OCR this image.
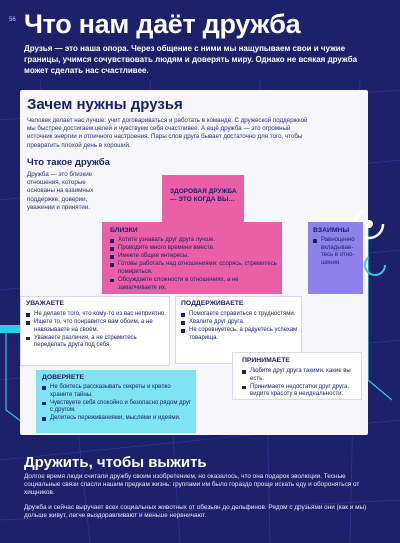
56 Что нам даёт дружба
Друзья — это наша опора. Через общение с ними мы нащупываем свои и чужие границы, учимся сочувствовать людям и доверять миру. Однако не всякая дружба может сделать нас счастливее.
Зачем нужны друзья
Человек делает нас лучше: учит договариваться и работать в команде. С дружеской поддержкой мы быстрее достигаем целей и чувствуем себя счастливее. А ещё дружба — это огромный источник энергии и отличного настроения. Пары слов друга бывает достаточно для того, чтобы превратить плохой день в хороший.
Что такое дружба
Дружба — это близкие отношения, которые основаны на взаимных поддержке, доверии, уважении и принятии.
ЗДОРОВАЯ ДРУЖБА — ЭТО КОГДА ВЫ…
БЛИЗКИ
Хотите узнавать друг друга лучше.
Проводите много времени вместе.
Имеете общие интересы.
Готовы работать над отношениями: ссорясь, стремитесь помириться.
Обсуждаете сложности в отношениях, а не замалчиваете их.
ВЗАИМНЫ
Равноценно вкладываетесь в отношения.
УВАЖАЕТЕ
Не делаете того, что кому-то из вас неприятно.
Ищете то, что понравится вам обоим, а не навязываете на своём.
Уважаете различия, а не стремитесь переделать друга под себя.
ПОДДЕРЖИВАЕТЕ
Помогаете справиться с трудностями.
Хвалите друг друга.
Не соревнуетесь, а радуетесь успехам товарища.
ПРИНИМАЕТЕ
Любите друг друга такими, какие вы есть.
Принимаете недостатки друг друга, видите красоту в неидеальности.
ДОВЕРЯЕТЕ
Не боитесь рассказывать секреты и крепко храните тайны.
Чувствуете себя спокойно и безопасно рядом друг с другом.
Делитесь переживаниями, мыслями и идеями.
Дружить, чтобы выжить

Долгое время люди считали дружбу своим изобретением, но оказалось, что она подарок эволюции. Тесные социальные связи спасли нашим предкам жизнь: группами им было гораздо проще искать еду и обороняться от хищников.

Дружба и сейчас выручает всех социальных животных от обезьян до дельфинов. Рядом с друзьями они (как и мы) дольше живут, легче выздоравливают и меньше нервничают.
